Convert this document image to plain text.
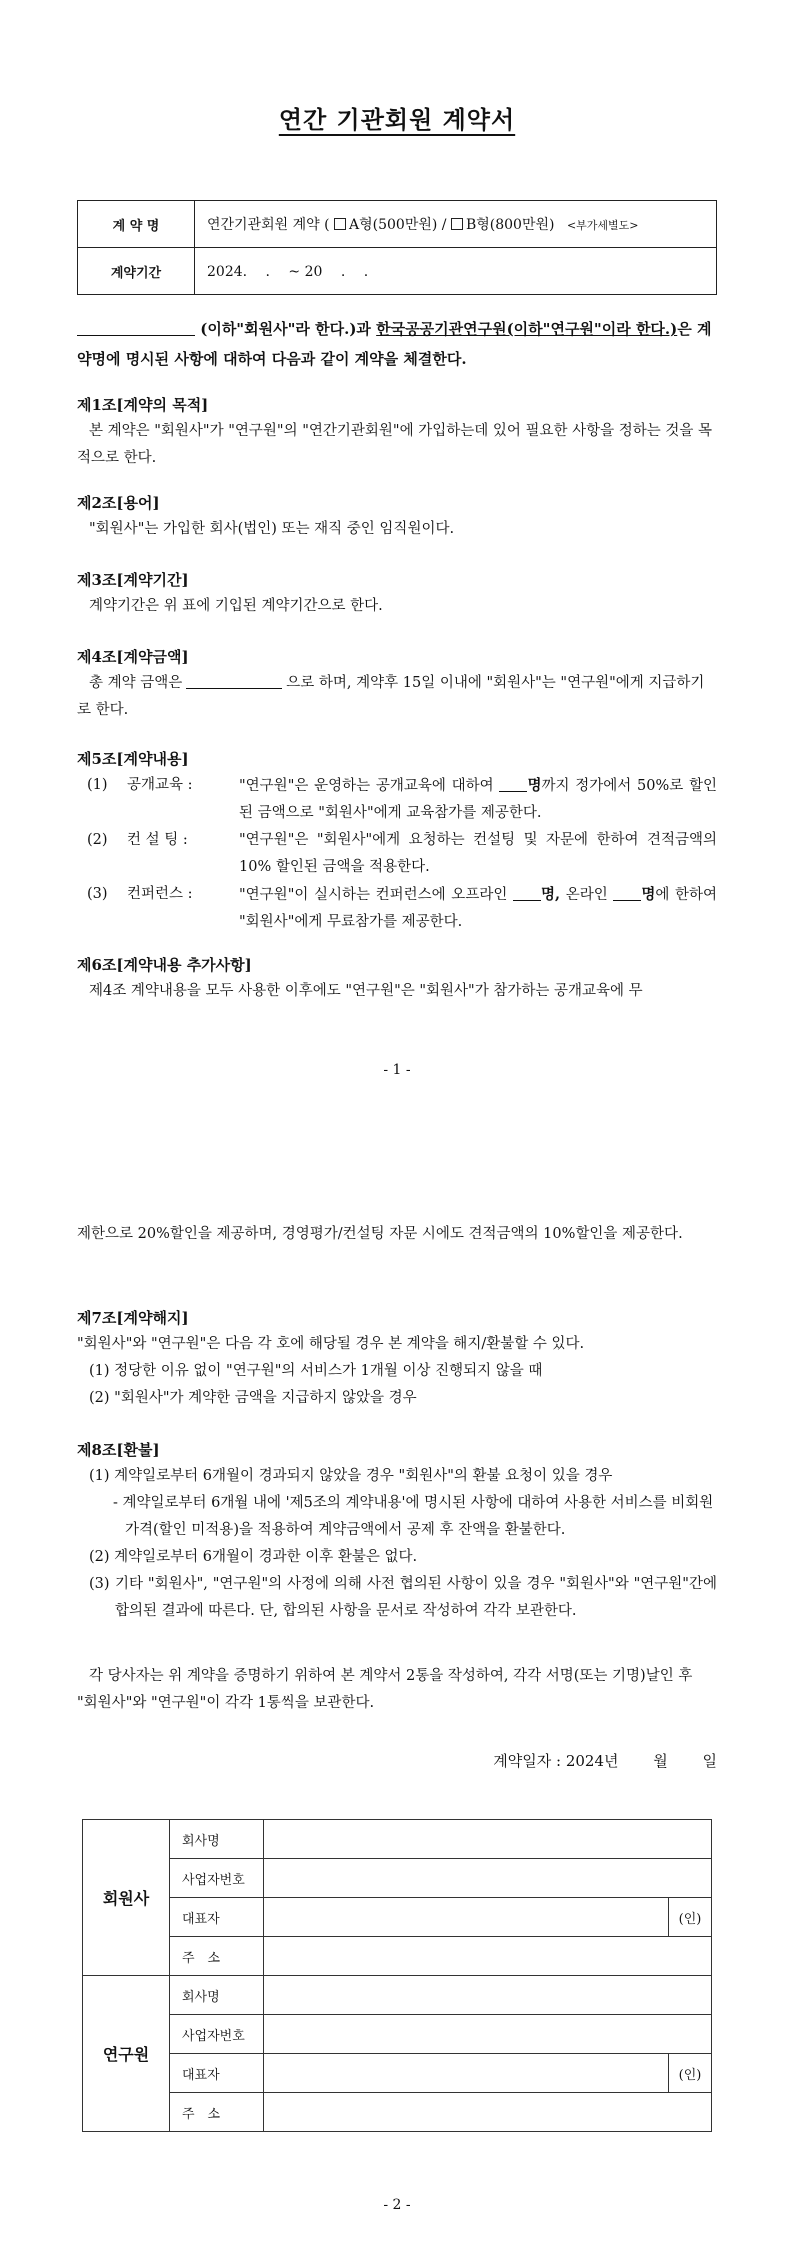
연간 기관회원 계약서
계 약 명	연간기관회원 계약 ( A형(500만원) / B형(800만원) <부가세별도>
계약기간	2024.　 .　 ~ 20　 .　 .
(이하"회원사"라 한다.)과 한국공공기관연구원(이하"연구원"이라 한다.)은 계약명에 명시된 사항에 대하여 다음과 같이 계약을 체결한다.
제1조[계약의 목적]

본 계약은 "회원사"가 "연구원"의 "연간기관회원"에 가입하는데 있어 필요한 사항을 정하는 것을 목적으로 한다.

제2조[용어]

"회원사"는 가입한 회사(법인) 또는 재직 중인 임직원이다.

제3조[계약기간]

계약기간은 위 표에 기입된 계약기간으로 한다.

제4조[계약금액]

총 계약 금액은	으로 하며, 계약후 15일 이내에 "회원사"는 "연구원"에게 지급하기로 한다.

제5조[계약내용]
(1)	공개교육 :	"연구원"은 운영하는 공개교육에 대하여 명까지 정가에서 50%로 할인된 금액으로 "회원사"에게 교육참가를 제공한다.
(2)	컨 설 팅 :	"연구원"은 "회원사"에게 요청하는 컨설팅 및 자문에 한하여 견적금액의 10% 할인된 금액을 적용한다.
(3)	컨퍼런스 :	"연구원"이 실시하는 컨퍼런스에 오프라인 명, 온라인 명에 한하여 "회원사"에게 무료참가를 제공한다.
제6조[계약내용 추가사항]

제4조 계약내용을 모두 사용한 이후에도 "연구원"은 "회원사"가 참가하는 공개교육에 무

- 1 -

제한으로 20%할인을 제공하며, 경영평가/컨설팅 자문 시에도 견적금액의 10%할인을 제공한다.

제7조[계약해지]

"회원사"와 "연구원"은 다음 각 호에 해당될 경우 본 계약을 해지/환불할 수 있다.

(1) 정당한 이유 없이 "연구원"의 서비스가 1개월 이상 진행되지 않을 때

(2) "회원사"가 계약한 금액을 지급하지 않았을 경우

제8조[환불]

(1) 계약일로부터 6개월이 경과되지 않았을 경우 "회원사"의 환불 요청이 있을 경우

- 계약일로부터 6개월 내에 '제5조의 계약내용'에 명시된 사항에 대하여 사용한 서비스를 비회원 가격(할인 미적용)을 적용하여 계약금액에서 공제 후 잔액을 환불한다.

(2) 계약일로부터 6개월이 경과한 이후 환불은 없다.

(3) 기타 "회원사", "연구원"의 사정에 의해 사전 협의된 사항이 있을 경우 "회원사"와 "연구원"간에 합의된 결과에 따른다. 단, 합의된 사항을 문서로 작성하여 각각 보관한다.

각 당사자는 위 계약을 증명하기 위하여 본 계약서 2통을 작성하여, 각각 서명(또는 기명)날인 후 "회원사"와 "연구원"이 각각 1통씩을 보관한다.

계약일자 : 2024년　　 월　　 일
회원사	회사명		
	사업자번호		
	대표자		(인)
	주　소		
연구원	회사명		
	사업자번호		
	대표자		(인)
	주　소		
- 2 -
